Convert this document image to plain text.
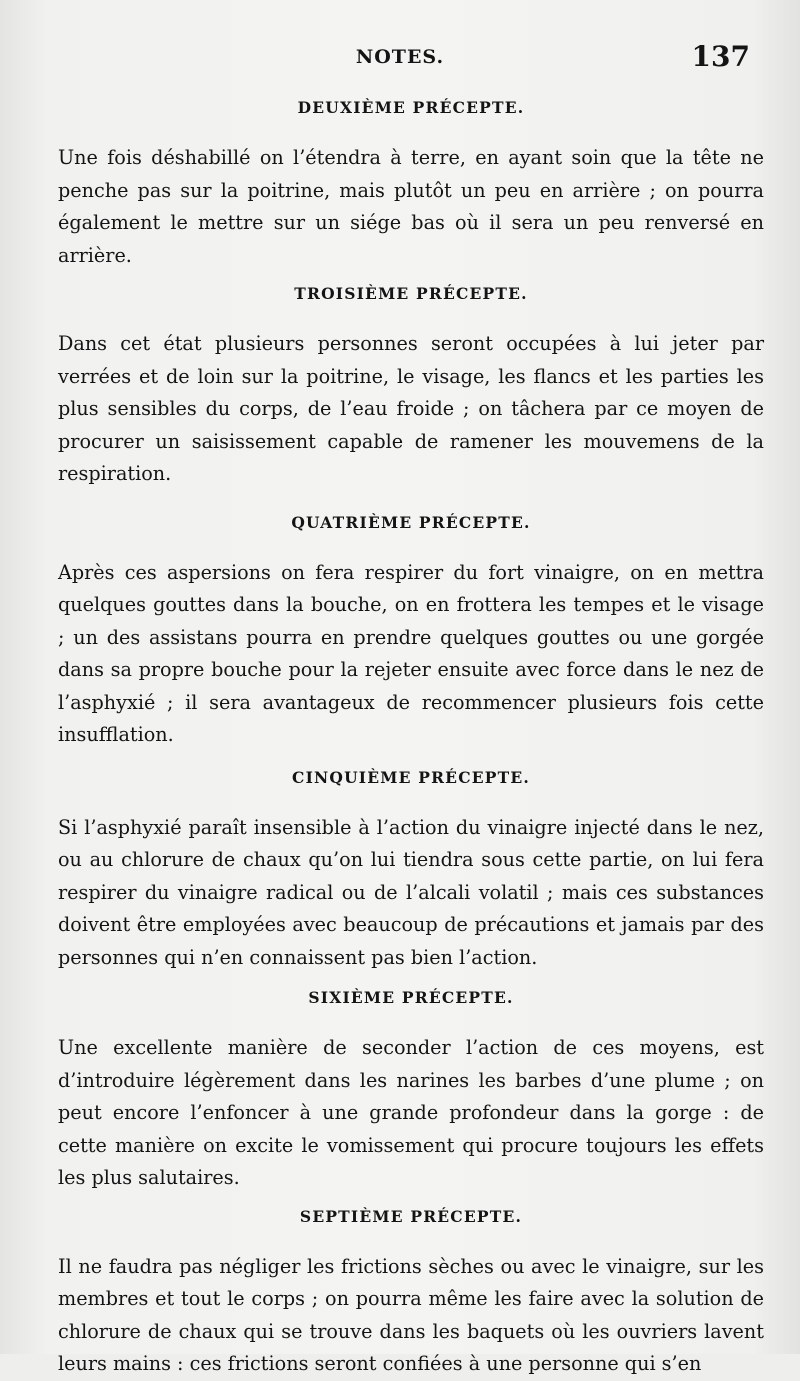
NOTES.	137
DEUXIÈME PRÉCEPTE.

Une fois déshabillé on l’étendra à terre, en ayant soin que la tête ne penche pas sur la poitrine, mais plutôt un peu en arrière ; on pourra également le mettre sur un siége bas où il sera un peu renversé en arrière.

TROISIÈME PRÉCEPTE.

Dans cet état plusieurs personnes seront occupées à lui jeter par verrées et de loin sur la poitrine, le visage, les flancs et les parties les plus sensibles du corps, de l’eau froide ; on tâchera par ce moyen de procurer un saisissement capable de ramener les mouvemens de la respiration.

QUATRIÈME PRÉCEPTE.

Après ces aspersions on fera respirer du fort vinaigre, on en mettra quelques gouttes dans la bouche, on en frottera les tempes et le visage ; un des assistans pourra en prendre quelques gouttes ou une gorgée dans sa propre bouche pour la rejeter ensuite avec force dans le nez de l’asphyxié ; il sera avantageux de recommencer plusieurs fois cette insufflation.

CINQUIÈME PRÉCEPTE.

Si l’asphyxié paraît insensible à l’action du vinaigre injecté dans le nez, ou au chlorure de chaux qu’on lui tiendra sous cette partie, on lui fera respirer du vinaigre radical ou de l’alcali volatil ; mais ces substances doivent être employées avec beaucoup de précautions et jamais par des personnes qui n’en connaissent pas bien l’action.

SIXIÈME PRÉCEPTE.

Une excellente manière de seconder l’action de ces moyens, est d’introduire légèrement dans les narines les barbes d’une plume ; on peut encore l’enfoncer à une grande profondeur dans la gorge : de cette manière on excite le vomissement qui procure toujours les effets les plus salutaires.

SEPTIÈME PRÉCEPTE.

Il ne faudra pas négliger les frictions sèches ou avec le vinaigre, sur les membres et tout le corps ; on pourra même les faire avec la solution de chlorure de chaux qui se trouve dans les baquets où les ouvriers lavent leurs mains : ces frictions seront confiées à une personne qui s’en
